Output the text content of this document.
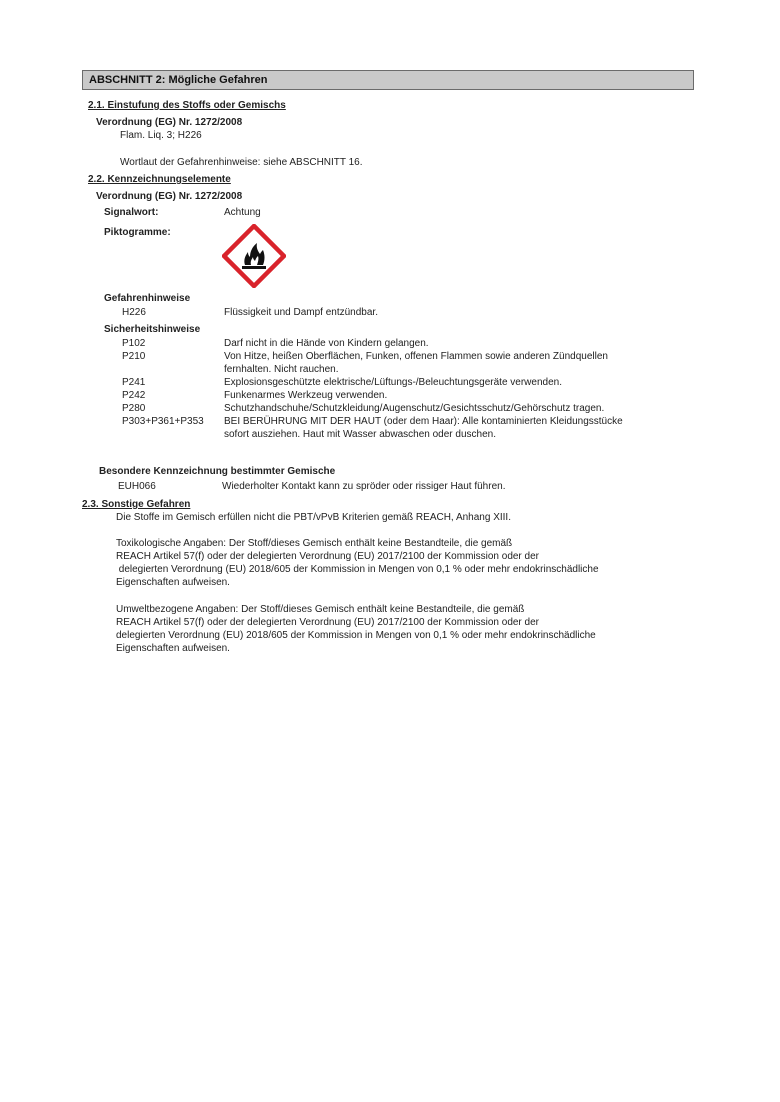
ABSCHNITT 2: Mögliche Gefahren
2.1. Einstufung des Stoffs oder Gemischs
Verordnung (EG) Nr. 1272/2008
Flam. Liq. 3; H226
Wortlaut der Gefahrenhinweise: siehe ABSCHNITT 16.
2.2. Kennzeichnungselemente
Verordnung (EG) Nr. 1272/2008
Signalwort:	Achtung
Piktogramme:
Gefahrenhinweise
H226	Flüssigkeit und Dampf entzündbar.
Sicherheitshinweise
P102	Darf nicht in die Hände von Kindern gelangen.
P210	Von Hitze, heißen Oberflächen, Funken, offenen Flammen sowie anderen Zündquellen
fernhalten. Nicht rauchen.
P241	Explosionsgeschützte elektrische/Lüftungs-/Beleuchtungsgeräte verwenden.
P242	Funkenarmes Werkzeug verwenden.
P280	Schutzhandschuhe/Schutzkleidung/Augenschutz/Gesichtsschutz/Gehörschutz tragen.
P303+P361+P353 BEI BERÜHRUNG MIT DER HAUT (oder dem Haar): Alle kontaminierten Kleidungsstücke
sofort ausziehen. Haut mit Wasser abwaschen oder duschen.
Besondere Kennzeichnung bestimmter Gemische
EUH066	Wiederholter Kontakt kann zu spröder oder rissiger Haut führen.
2.3. Sonstige Gefahren
Die Stoffe im Gemisch erfüllen nicht die PBT/vPvB Kriterien gemäß REACH, Anhang XIII.
Toxikologische Angaben: Der Stoff/dieses Gemisch enthält keine Bestandteile, die gemäß
REACH Artikel 57(f) oder der delegierten Verordnung (EU) 2017/2100 der Kommission oder der
delegierten Verordnung (EU) 2018/605 der Kommission in Mengen von 0,1 % oder mehr endokrinschädliche
Eigenschaften aufweisen.
Umweltbezogene Angaben: Der Stoff/dieses Gemisch enthält keine Bestandteile, die gemäß
REACH Artikel 57(f) oder der delegierten Verordnung (EU) 2017/2100 der Kommission oder der
delegierten Verordnung (EU) 2018/605 der Kommission in Mengen von 0,1 % oder mehr endokrinschädliche
Eigenschaften aufweisen.
